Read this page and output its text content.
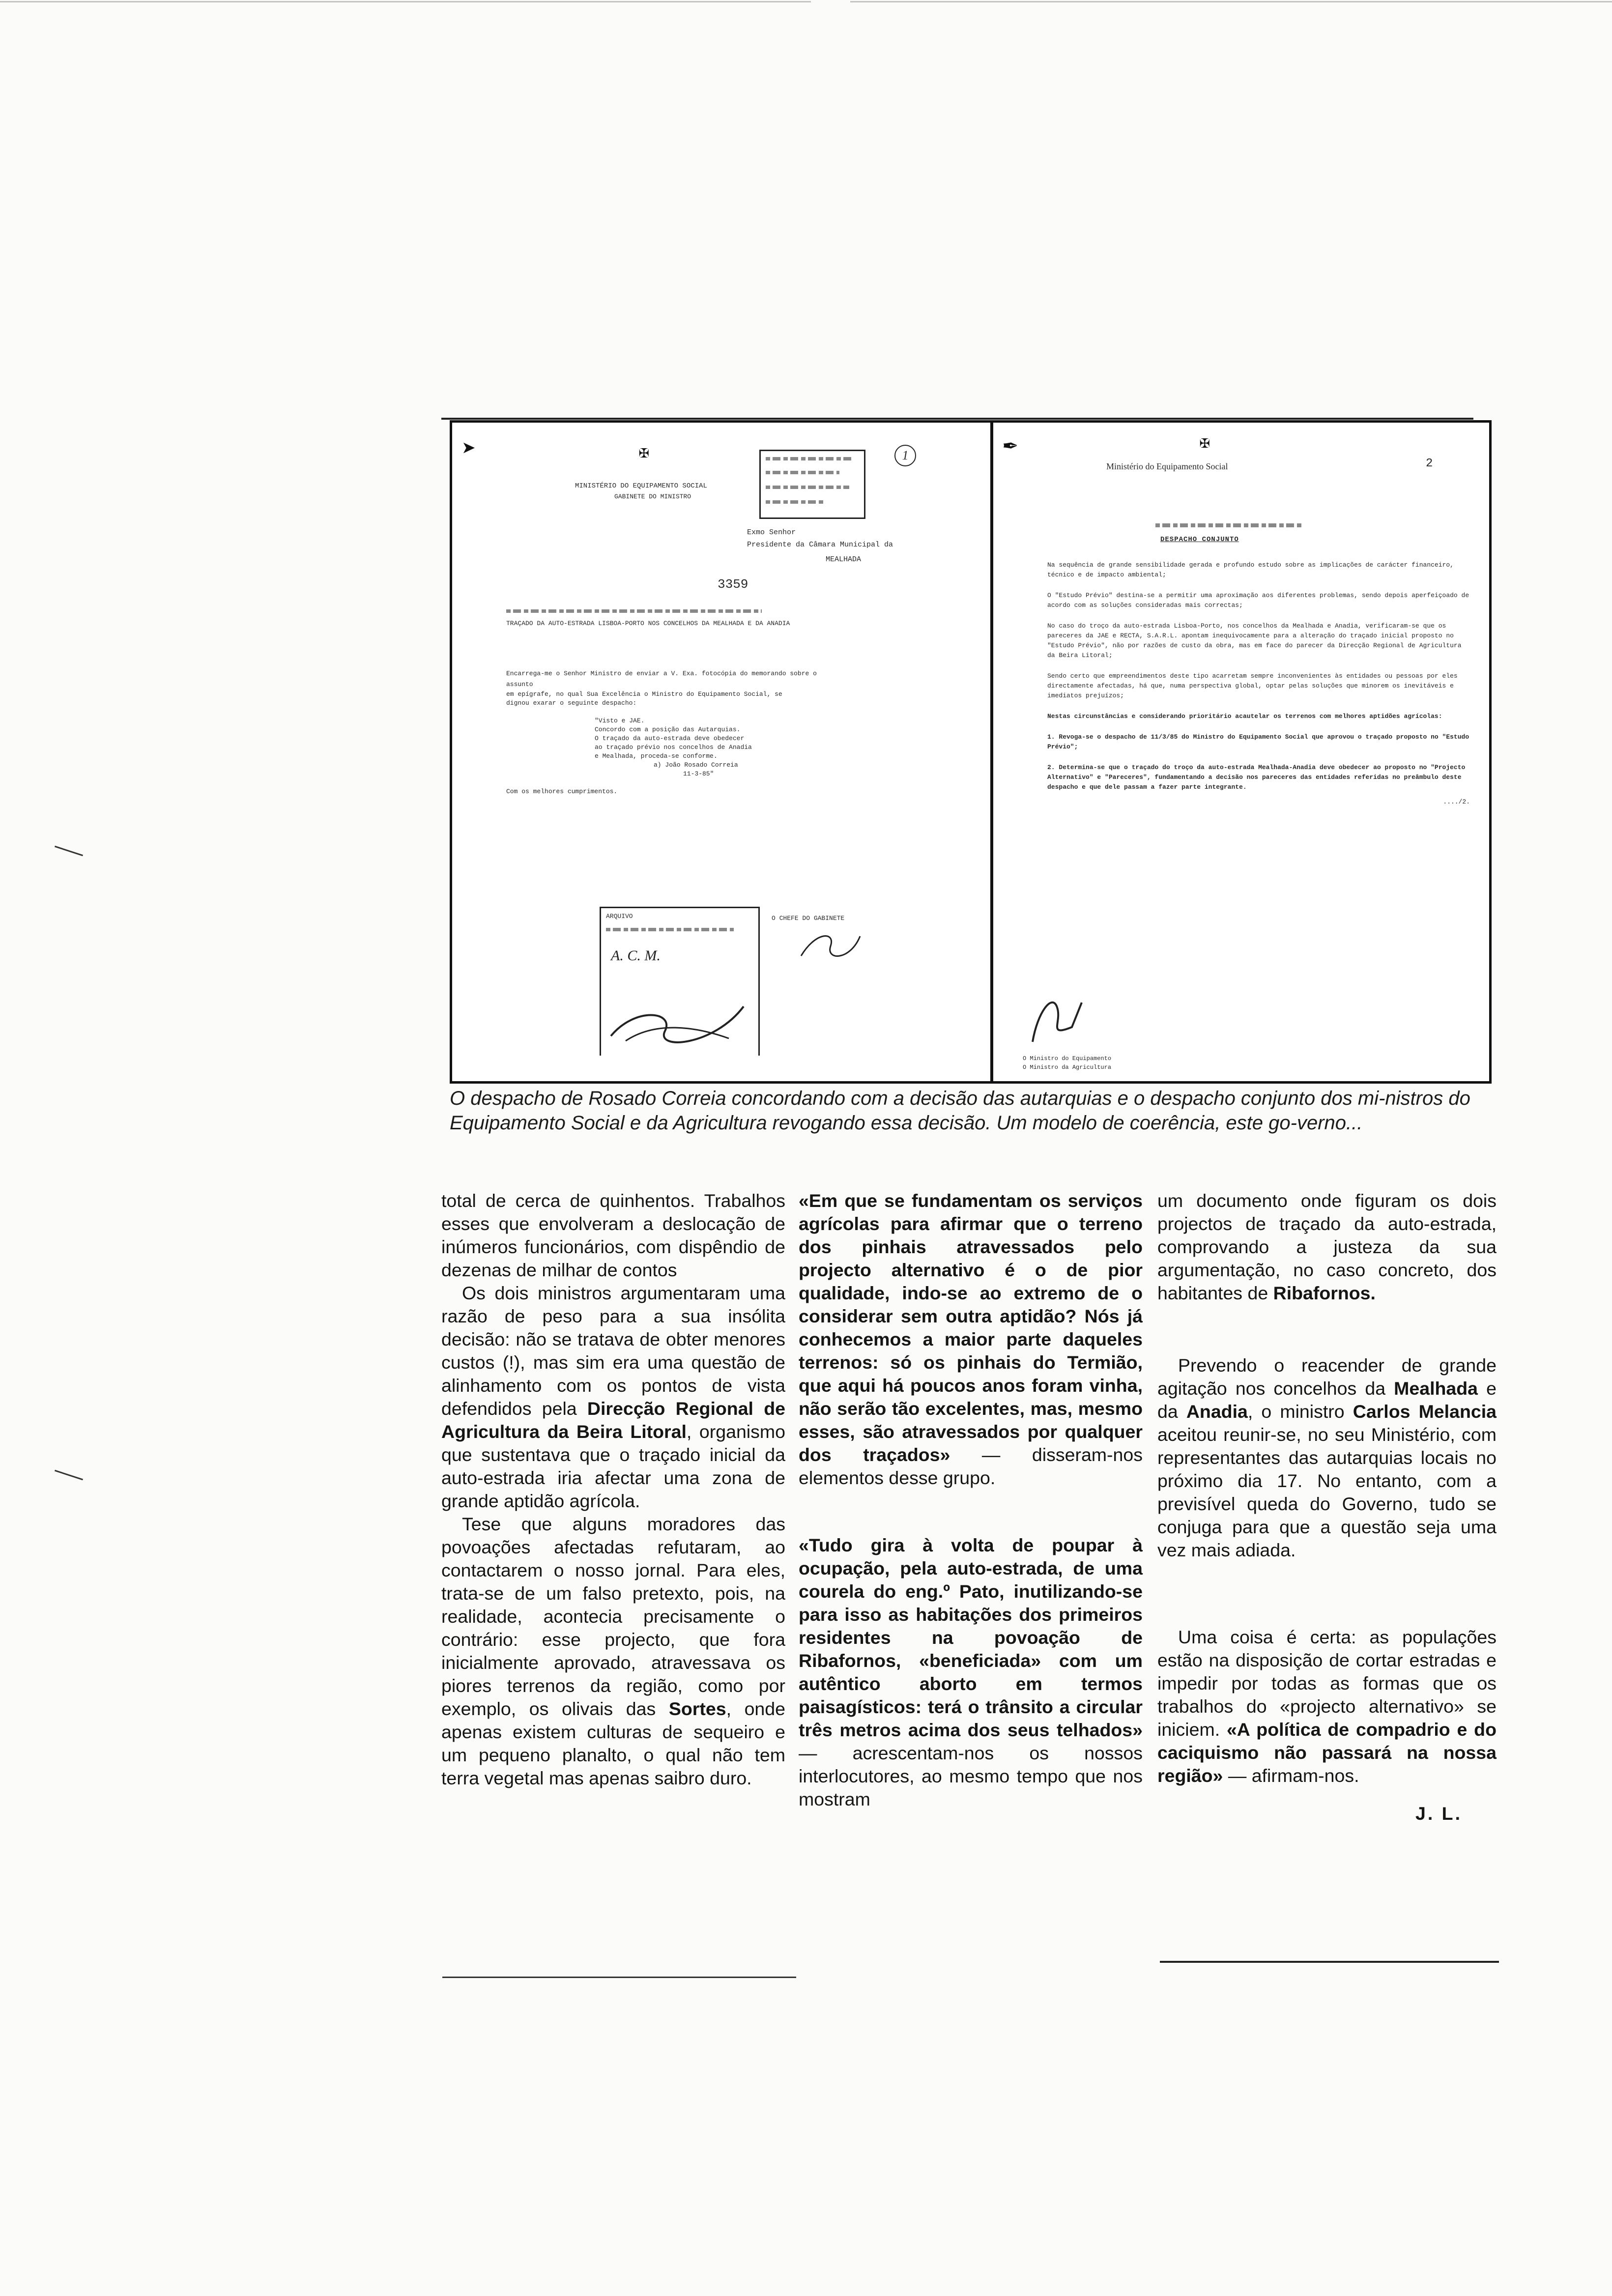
➤	✠
MINISTÉRIO DO EQUIPAMENTO SOCIAL
GABINETE DO MINISTRO
1
Exmo Senhor
Presidente da Câmara Municipal da
MEALHADA
3359
TRAÇADO DA AUTO-ESTRADA LISBOA-PORTO NOS CONCELHOS DA MEALHADA E DA ANADIA
Encarrega-me o Senhor Ministro de enviar a V. Exa. fotocópia do memorando sobre o assunto
em epígrafe, no qual Sua Excelência o Ministro do Equipamento Social, se
dignou exarar o seguinte despacho:
"Visto e JAE.
Concordo com a posição das Autarquias.
O traçado da auto-estrada deve obedecer
ao traçado prévio nos concelhos de Anadia
e Mealhada, proceda-se conforme.
a) João Rosado Correia
11-3-85"
Com os melhores cumprimentos.
ARQUIVO
A. C. M.
O CHEFE DO GABINETE
✒	✠
Ministério do Equipamento Social	2
DESPACHO CONJUNTO
Na sequência de grande sensibilidade gerada e profundo estudo sobre as implicações de carácter financeiro, técnico e de impacto ambiental;
O "Estudo Prévio" destina-se a permitir uma aproximação aos diferentes problemas, sendo depois aperfeiçoado de acordo com as soluções consideradas mais correctas;
No caso do troço da auto-estrada Lisboa-Porto, nos concelhos da Mealhada e Anadia, verificaram-se que os pareceres da JAE e RECTA, S.A.R.L. apontam inequivocamente para a alteração do traçado inicial proposto no "Estudo Prévio", não por razões de custo da obra, mas em face do parecer da Direcção Regional de Agricultura da Beira Litoral;
Sendo certo que empreendimentos deste tipo acarretam sempre inconvenientes às entidades ou pessoas por eles directamente afectadas, há que, numa perspectiva global, optar pelas soluções que minorem os inevitáveis e imediatos prejuízos;
Nestas circunstâncias e considerando prioritário acautelar os terrenos com melhores aptidões agrícolas:
1. Revoga-se o despacho de 11/3/85 do Ministro do Equipamento Social que aprovou o traçado proposto no "Estudo Prévio";
2. Determina-se que o traçado do troço da auto-estrada Mealhada-Anadia deve obedecer ao proposto no "Projecto Alternativo" e "Pareceres", fundamentando a decisão nos pareceres das entidades referidas no preâmbulo deste despacho e que dele passam a fazer parte integrante.
..../2.
O Ministro do Equipamento
O Ministro da Agricultura
O despacho de Rosado Correia concordando com a decisão das autarquias e o despacho conjunto dos mi-nistros do Equipamento Social e da Agricultura revogando essa decisão. Um modelo de coerência, este go-verno...

total de cerca de quinhentos. Trabalhos esses que envolveram a deslocação de inúmeros funcionários, com dispêndio de dezenas de milhar de contos

Os dois ministros argumentaram uma razão de peso para a sua insólita decisão: não se tratava de obter menores custos (!), mas sim era uma questão de alinhamento com os pontos de vista defendidos pela Direcção Regional de Agricultura da Beira Litoral, organismo que sustentava que o traçado inicial da auto-estrada iria afectar uma zona de grande aptidão agrícola.

Tese que alguns moradores das povoações afectadas refutaram, ao contactarem o nosso jornal. Para eles, trata-se de um falso pretexto, pois, na realidade, acontecia precisamente o contrário: esse projecto, que fora inicialmente aprovado, atravessava os piores terrenos da região, como por exemplo, os olivais das Sortes, onde apenas existem culturas de sequeiro e um pequeno planalto, o qual não tem terra vegetal mas apenas saibro duro.

«Em que se fundamentam os serviços agrícolas para afirmar que o terreno dos pinhais atravessados pelo projecto alternativo é o de pior qualidade, indo-se ao extremo de o considerar sem outra aptidão? Nós já conhecemos a maior parte daqueles terrenos: só os pinhais do Termião, que aqui há poucos anos foram vinha, não serão tão excelentes, mas, mesmo esses, são atravessados por qualquer dos traçados» — disseram-nos elementos desse grupo.

«Tudo gira à volta de poupar à ocupação, pela auto-estrada, de uma courela do eng.º Pato, inutilizando-se para isso as habitações dos primeiros residentes na povoação de Ribafornos, «beneficiada» com um autêntico aborto em termos paisagísticos: terá o trânsito a circular três metros acima dos seus telhados» — acrescentam-nos os nossos interlocutores, ao mesmo tempo que nos mostram

um documento onde figuram os dois projectos de traçado da auto-estrada, comprovando a justeza da sua argumentação, no caso concreto, dos habitantes de Ribafornos.

Prevendo o reacender de grande agitação nos concelhos da Mealhada e da Anadia, o ministro Carlos Melancia aceitou reunir-se, no seu Ministério, com representantes das autarquias locais no próximo dia 17. No entanto, com a previsível queda do Governo, tudo se conjuga para que a questão seja uma vez mais adiada.

Uma coisa é certa: as populações estão na disposição de cortar estradas e impedir por todas as formas que os trabalhos do «projecto alternativo» se iniciem. «A política de compadrio e do caciquismo não passará na nossa região» — afirmam-nos.

J. L.
